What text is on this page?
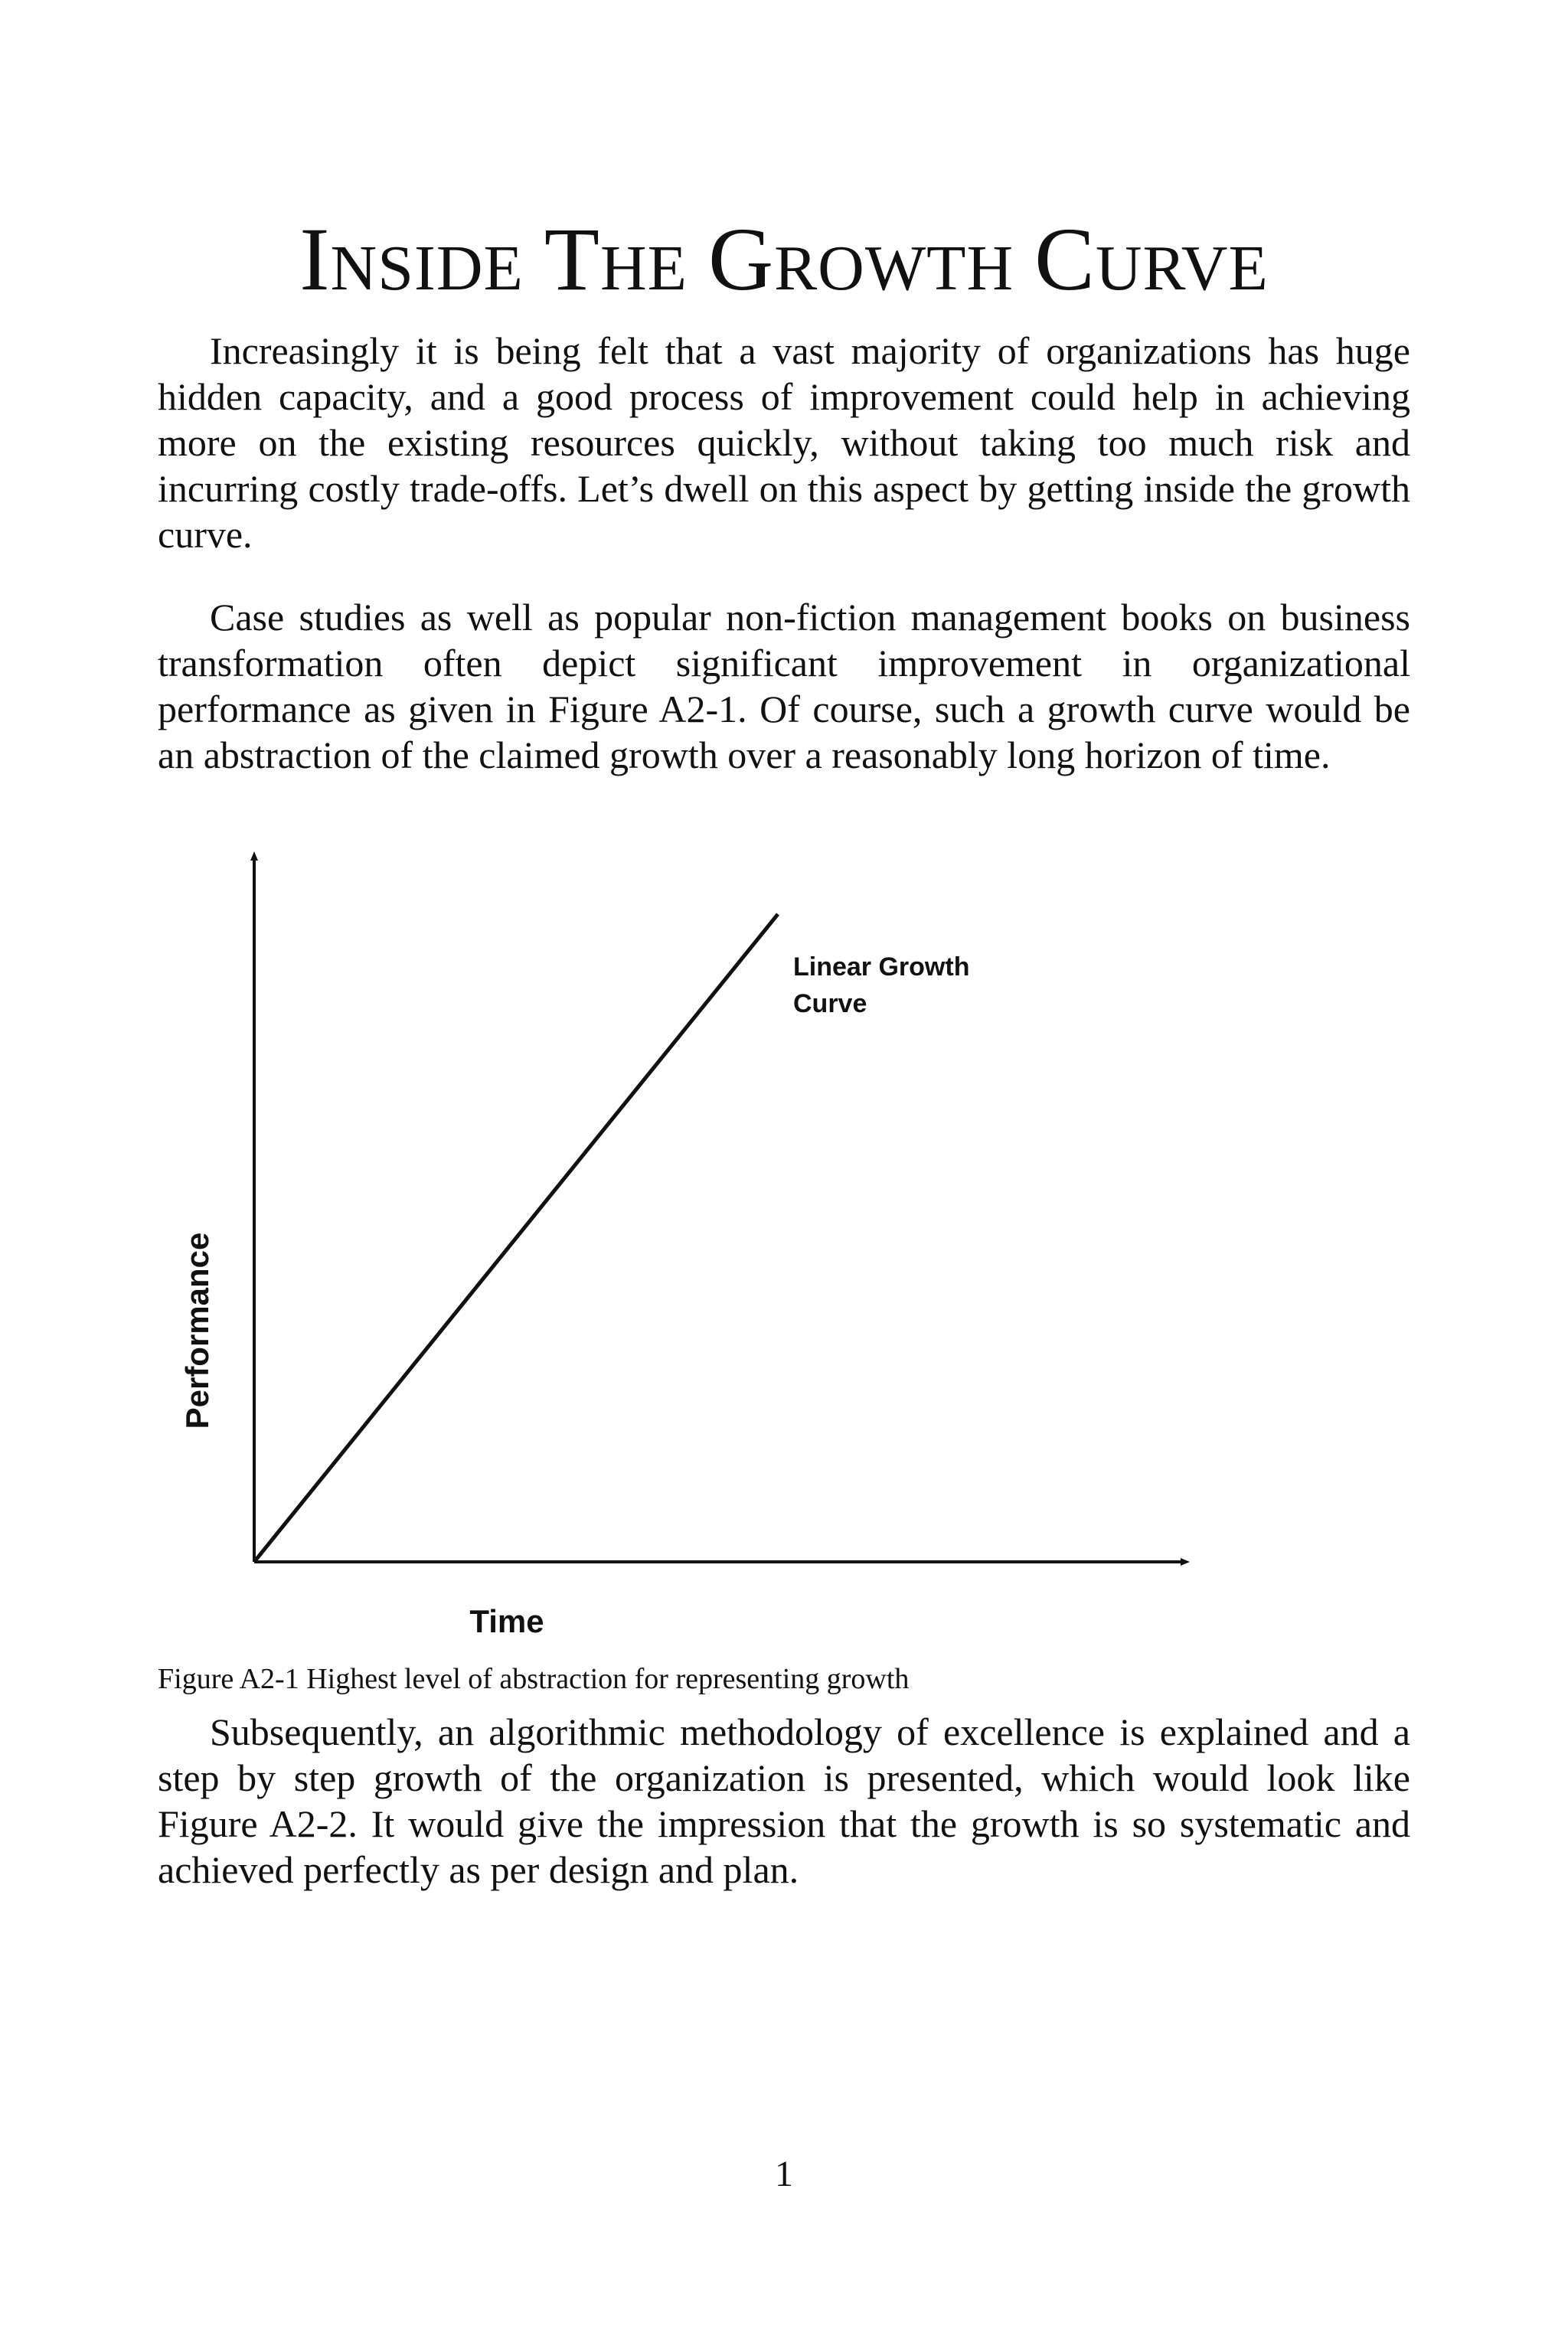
INSIDE THE GROWTH CURVE

Increasingly it is being felt that a vast majority of organizations has huge hidden capacity, and a good process of improvement could help in achieving more on the existing resources quickly, without taking too much risk and incurring costly trade-offs. Let’s dwell on this aspect by getting inside the growth curve.

Case studies as well as popular non-fiction management books on business transformation often depict significant improvement in organizational performance as given in Figure A2-1. Of course, such a growth curve would be an abstraction of the claimed growth over a reasonably long horizon of time.

Linear Growth
Curve
Time
Performance

Figure A2-1 Highest level of abstraction for representing growth

Subsequently, an algorithmic methodology of excellence is explained and a step by step growth of the organization is presented, which would look like Figure A2-2. It would give the impression that the growth is so systematic and achieved perfectly as per design and plan.

1
